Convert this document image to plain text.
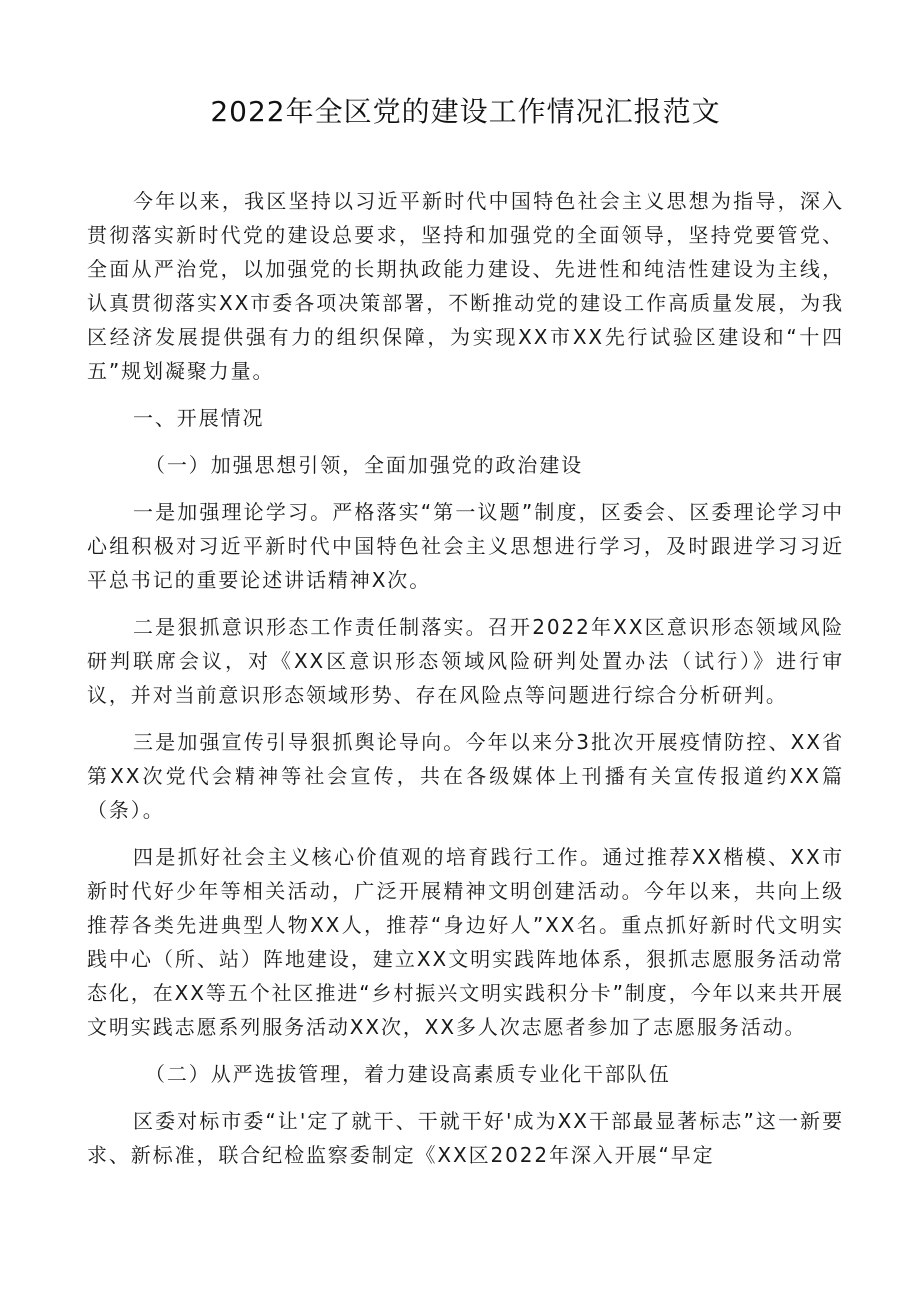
2022年全区党的建设工作情况汇报范文

今年以来，我区坚持以习近平新时代中国特色社会主义思想为指导，深入贯彻落实新时代党的建设总要求，坚持和加强党的全面领导，坚持党要管党、全面从严治党，以加强党的长期执政能力建设、先进性和纯洁性建设为主线，认真贯彻落实XX市委各项决策部署，不断推动党的建设工作高质量发展，为我区经济发展提供强有力的组织保障，为实现XX市XX先行试验区建设和“十四五”规划凝聚力量。

一、开展情况

（一）加强思想引领，全面加强党的政治建设

一是加强理论学习。严格落实“第一议题”制度，区委会、区委理论学习中心组积极对习近平新时代中国特色社会主义思想进行学习，及时跟进学习习近平总书记的重要论述讲话精神X次。

二是狠抓意识形态工作责任制落实。召开2022年XX区意识形态领域风险研判联席会议，对《XX区意识形态领域风险研判处置办法（试行）》进行审议，并对当前意识形态领域形势、存在风险点等问题进行综合分析研判。

三是加强宣传引导狠抓舆论导向。今年以来分3批次开展疫情防控、XX省第XX次党代会精神等社会宣传，共在各级媒体上刊播有关宣传报道约XX篇（条）。

四是抓好社会主义核心价值观的培育践行工作。通过推荐XX楷模、XX市新时代好少年等相关活动，广泛开展精神文明创建活动。今年以来，共向上级推荐各类先进典型人物XX人，推荐“身边好人”XX名。重点抓好新时代文明实践中心（所、站）阵地建设，建立XX文明实践阵地体系，狠抓志愿服务活动常态化，在XX等五个社区推进“乡村振兴文明实践积分卡”制度，今年以来共开展文明实践志愿系列服务活动XX次，XX多人次志愿者参加了志愿服务活动。

（二）从严选拔管理，着力建设高素质专业化干部队伍

区委对标市委“让'定了就干、干就干好'成为XX干部最显著标志”这一新要求、新标准，联合纪检监察委制定《XX区2022年深入开展“早定
